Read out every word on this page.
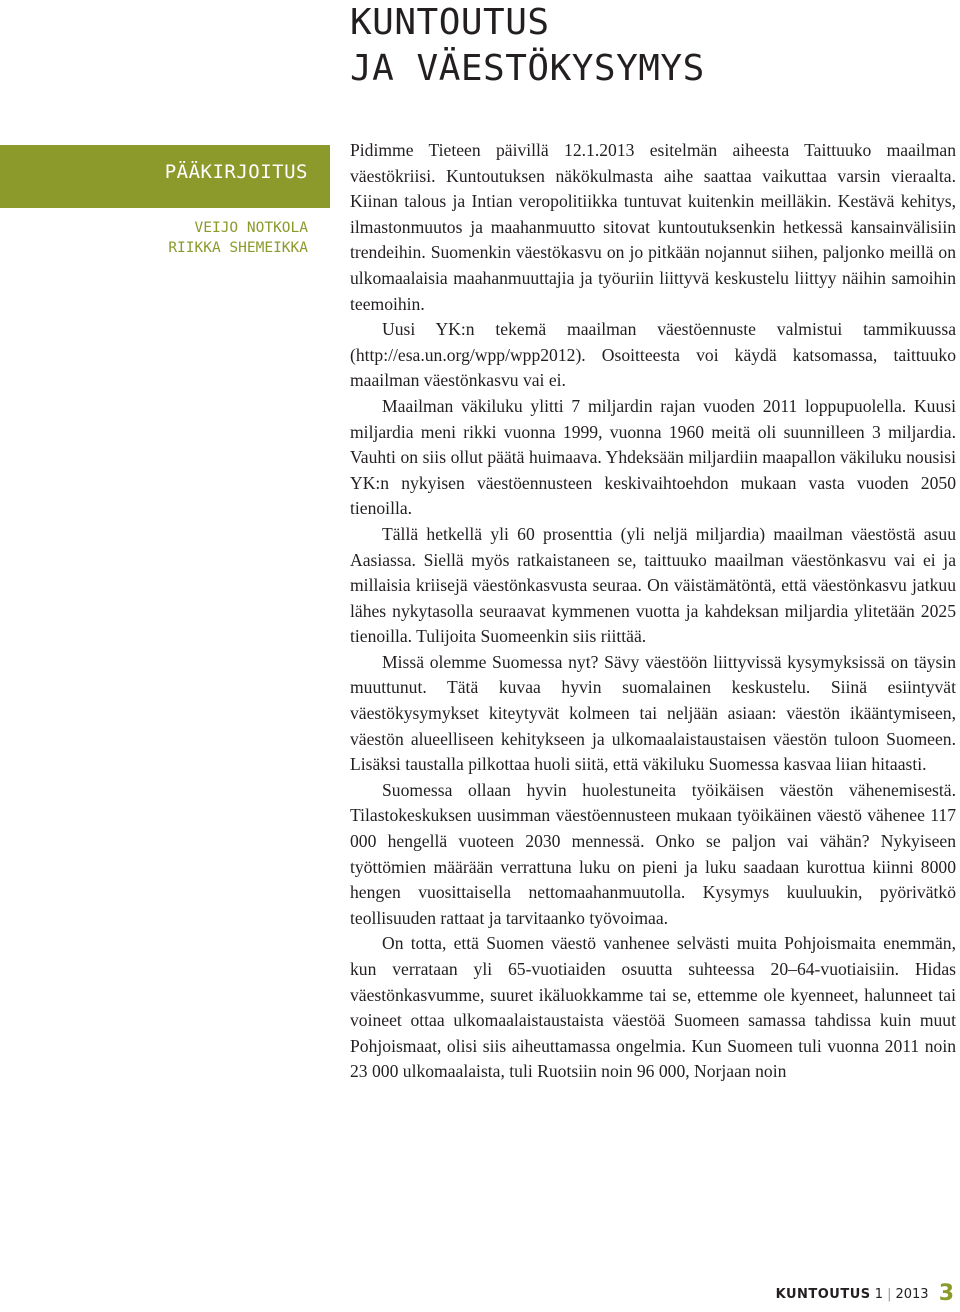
KUNTOUTUS
JA VÄESTÖKYSYMYS
PÄÄKIRJOITUS
VEIJO NOTKOLA
RIIKKA SHEMEIKKA

Pidimme Tieteen päivillä 12.1.2013 esitelmän aiheesta Taittuuko maailman väestökriisi. Kuntoutuksen näkökulmasta aihe saattaa vaikuttaa varsin vieraalta. Kiinan talous ja Intian veropolitiikka tuntuvat kuitenkin meilläkin. Kestävä kehitys, ilmastonmuutos ja maahanmuutto sitovat kuntoutuksenkin hetkessä kansainvälisiin trendeihin. Suomenkin väestökasvu on jo pitkään nojannut siihen, paljonko meillä on ulkomaalaisia maahanmuuttajia ja työuriin liittyvä keskustelu liittyy näihin samoihin teemoihin.

Uusi YK:n tekemä maailman väestöennuste valmistui tammikuussa (http://esa.un.org/wpp/wpp2012). Osoitteesta voi käydä katsomassa, taittuuko maailman väestönkasvu vai ei.

Maailman väkiluku ylitti 7 miljardin rajan vuoden 2011 loppupuolella. Kuusi miljardia meni rikki vuonna 1999, vuonna 1960 meitä oli suunnilleen 3 miljardia. Vauhti on siis ollut päätä huimaava. Yhdeksään miljardiin maapallon väkiluku nousisi YK:n nykyisen väestöennusteen keskivaihtoehdon mukaan vasta vuoden 2050 tienoilla.

Tällä hetkellä yli 60 prosenttia (yli neljä miljardia) maailman väestöstä asuu Aasiassa. Siellä myös ratkaistaneen se, taittuuko maailman väestönkasvu vai ei ja millaisia kriisejä väestönkasvusta seuraa. On väistämätöntä, että väestönkasvu jatkuu lähes nykytasolla seuraavat kymmenen vuotta ja kahdeksan miljardia ylitetään 2025 tienoilla. Tulijoita Suomeenkin siis riittää.

Missä olemme Suomessa nyt? Sävy väestöön liittyvissä kysymyksissä on täysin muuttunut. Tätä kuvaa hyvin suomalainen keskustelu. Siinä esiintyvät väestökysymykset kiteytyvät kolmeen tai neljään asiaan: väestön ikääntymiseen, väestön alueelliseen kehitykseen ja ulkomaalaistaustaisen väestön tuloon Suomeen. Lisäksi taustalla pilkottaa huoli siitä, että väkiluku Suomessa kasvaa liian hitaasti.

Suomessa ollaan hyvin huolestuneita työikäisen väestön vähenemisestä. Tilastokeskuksen uusimman väestöennusteen mukaan työikäinen väestö vähenee 117 000 hengellä vuoteen 2030 mennessä. Onko se paljon vai vähän? Nykyiseen työttömien määrään verrattuna luku on pieni ja luku saadaan kurottua kiinni 8000 hengen vuosittaisella nettomaahanmuutolla. Kysymys kuuluukin, pyörivätkö teollisuuden rattaat ja tarvitaanko työvoimaa.

On totta, että Suomen väestö vanhenee selvästi muita Pohjoismaita enemmän, kun verrataan yli 65-vuotiaiden osuutta suhteessa 20–64-vuotiaisiin. Hidas väestönkasvumme, suuret ikäluokkamme tai se, ettemme ole kyenneet, halunneet tai voineet ottaa ulkomaalaistaustaista väestöä Suomeen samassa tahdissa kuin muut Pohjoismaat, olisi siis aiheuttamassa ongelmia. Kun Suomeen tuli vuonna 2011 noin 23 000 ulkomaalaista, tuli Ruotsiin noin 96 000, Norjaan noin

KUNTOUTUS 1 | 2013 3
